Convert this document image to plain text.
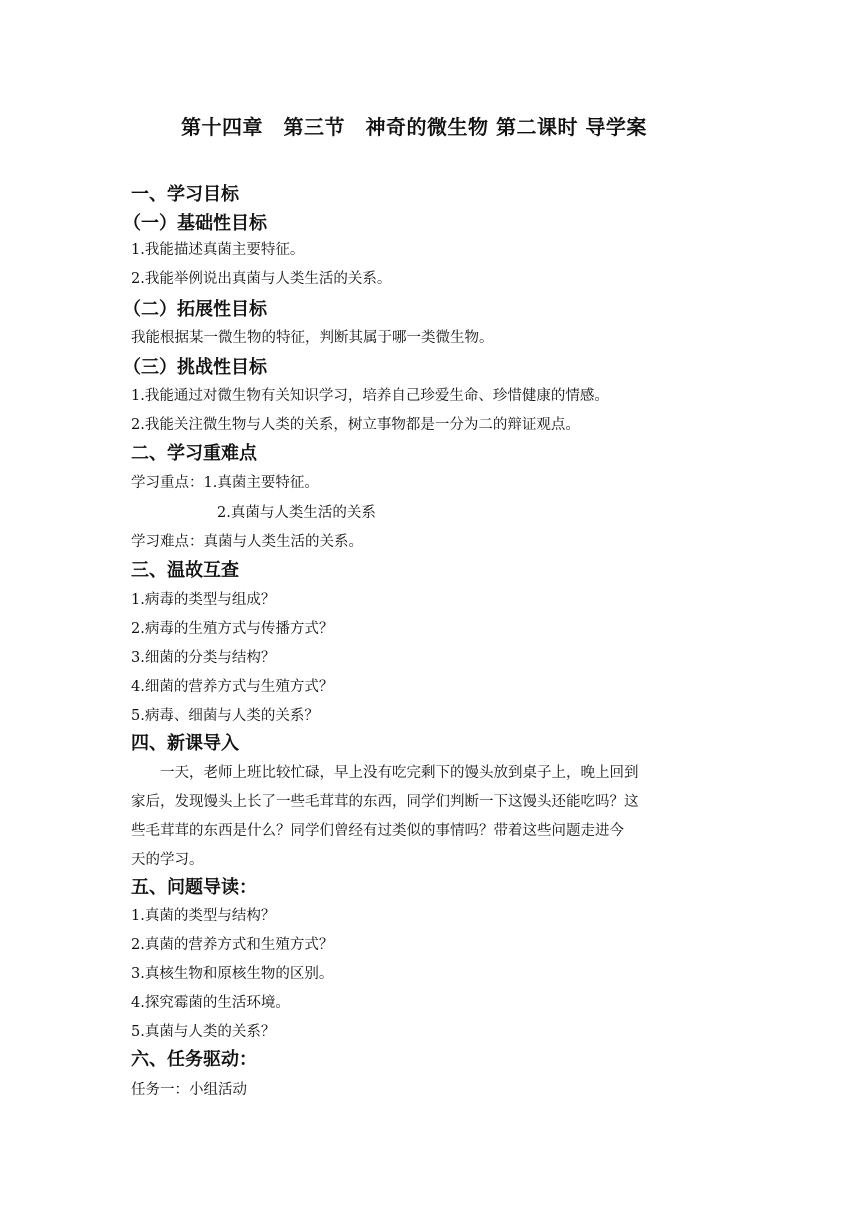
第十四章　第三节　神奇的微生物 第二课时 导学案
一、学习目标
（一）基础性目标
1.我能描述真菌主要特征。
2.我能举例说出真菌与人类生活的关系。
（二）拓展性目标
我能根据某一微生物的特征，判断其属于哪一类微生物。
（三）挑战性目标
1.我能通过对微生物有关知识学习，培养自己珍爱生命、珍惜健康的情感。
2.我能关注微生物与人类的关系，树立事物都是一分为二的辩证观点。
二、学习重难点
学习重点：1.真菌主要特征。
2.真菌与人类生活的关系
学习难点：真菌与人类生活的关系。
三、温故互查
1.病毒的类型与组成？
2.病毒的生殖方式与传播方式？
3.细菌的分类与结构？
4.细菌的营养方式与生殖方式？
5.病毒、细菌与人类的关系？
四、新课导入
　　一天，老师上班比较忙碌，早上没有吃完剩下的馒头放到桌子上，晚上回到
家后，发现馒头上长了一些毛茸茸的东西，同学们判断一下这馒头还能吃吗？这
些毛茸茸的东西是什么？同学们曾经有过类似的事情吗？带着这些问题走进今
天的学习。
五、问题导读：
1.真菌的类型与结构？
2.真菌的营养方式和生殖方式？
3.真核生物和原核生物的区别。
4.探究霉菌的生活环境。
5.真菌与人类的关系？
六、任务驱动：
任务一：小组活动
